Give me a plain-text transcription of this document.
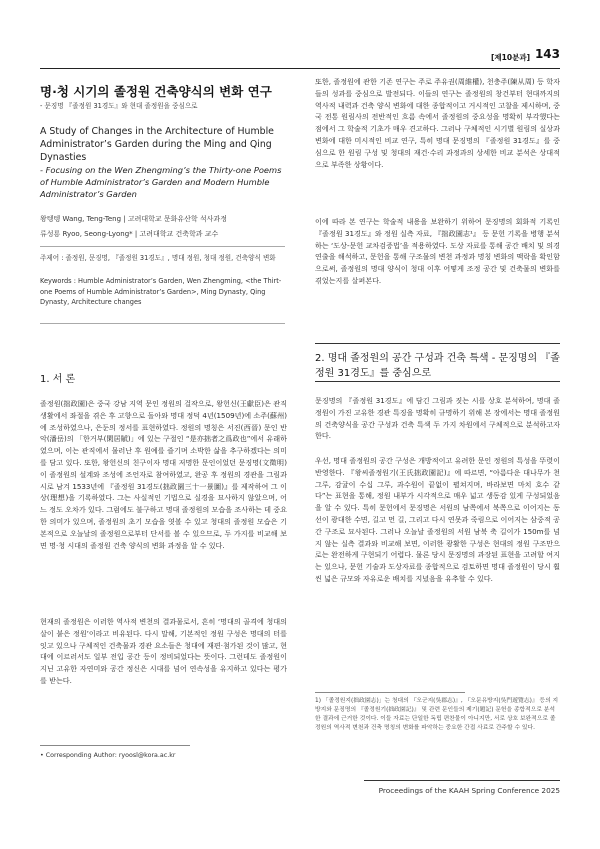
[제10분과] 143
명·청 시기의 졸정원 건축양식의 변화 연구
- 문징명 『졸정원 31경도』와 현대 졸정원을 중심으로
A Study of Changes in the Architecture of Humble Administrator’s Garden during the Ming and Qing Dynasties
- Focusing on the Wen Zhengming’s the Thirty-one Poems of Humble Administrator’s Garden and Modern Humble Administrator’s Garden
왕텡텡 Wang, Teng-Teng | 고려대학교 문화유산학 석사과정
류성룡 Ryoo, Seong-Lyong* | 고려대학교 건축학과 교수
주제어 : 졸정원, 문징명, 『졸정원 31경도』, 명대 정원, 청대 정원, 건축양식 변화
Keywords : Humble Administrator’s Garden, Wen Zhengming, <the Thirt-one Poems of Humble Administrator’s Garden>, Ming Dynasty, Qing Dynasty, Architecture changes
1. 서 론
졸정원(拙政園)은 중국 강남 지역 문인 정원의 걸작으로, 왕헌신(王獻臣)은 관직 생활에서 좌절을 겪은 후 고향으로 돌아와 명대 정덕 4년(1509년)에 소주(蘇州)에 조성하였으나, 은둔의 정서를 표현하였다. 정원의 명칭은 서진(西晉) 문인 반악(潘岳)의 「한거부(閑居賦)」에 있는 구절인 “是亦拙者之爲政也”에서 유래하였으며, 이는 관직에서 물러난 후 원예를 즐기며 소박한 삶을 추구하겠다는 의미를 담고 있다. 또한, 왕헌신의 친구이자 명대 저명한 문인이었던 문징명(文徵明)이 졸정원의 설계와 조성에 조언자로 참여하였고, 완공 후 정원의 경관을 그림과 시로 남겨 1533년에 『졸정원 31경도(拙政園三十一景圖)』를 제작하여 그 이상(理想)을 기록하였다. 그는 사실적인 기법으로 실경을 묘사하지 않았으며, 어느 정도 오차가 있다. 그럼에도 불구하고 명대 졸정원의 모습을 조사하는 데 중요한 의미가 있으며, 졸정원의 초기 모습을 엿볼 수 있고 청대의 졸정원 모습은 기본적으로 오늘날의 졸정원으로부터 단서를 볼 수 있으므로, 두 가지를 비교해 보면 명·청 시대의 졸정원 건축 양식의 변화 과정을 알 수 있다.
현재의 졸정원은 이러한 역사적 변천의 결과물로서, 흔히 ‘명대의 골격에 청대의 살이 붙은 정원’이라고 비유된다. 다시 말해, 기본적인 정원 구성은 명대의 터를 잇고 있으나 구체적인 건축물과 경관 요소들은 청대에 재편·첨가된 것이 많고, 현대에 이르러서도 일부 전입 공간 등이 정비되었다는 뜻이다. 그런데도 졸정원이 지닌 고유한 자연미와 공간 정신은 시대를 넘어 연속성을 유지하고 있다는 평가를 받는다.
• Corresponding Author: ryoosl@kora.ac.kr
또한, 졸정원에 관한 기존 연구는 주로 주유권(周維權), 천충주(陳从周) 등 학자들의 성과를 중심으로 발전되다. 이들의 연구는 졸정원의 창건부터 현대까지의 역사적 내력과 건축 양식 변화에 대한 종합적이고 거시적인 고찰을 제시하며, 중국 전통 원림사의 전반적인 흐름 속에서 졸정원의 중요성을 명확히 부각했다는 점에서 그 학술적 기초가 매우 견고하다. 그러나 구체적인 시기별 원림의 실상과 변화에 대한 미시적인 비교 연구, 특히 명대 문징명의 『졸정원 31경도』를 중심으로 한 원림 구성 및 청대의 재건·수리 과정과의 상세한 비교 분석은 상대적으로 부족한 상황이다.
이에 따라 본 연구는 학술적 내용을 보완하기 위하여 문징명의 회화적 기록인 『졸정원 31경도』와 정원 실측 자료, 『拙政園志¹』 등 문헌 기록을 병행 분석하는 ‘도상-문헌 교차검증법’을 적용하였다. 도상 자료를 통해 공간 배치 및 의경 연출을 해석하고, 문헌을 통해 구조물의 변천 과정과 명칭 변화의 맥락을 확인함으로써, 졸정원의 명대 양식이 청대 이후 어떻게 조정 공간 및 건축물의 변화를 겪었는지를 살펴본다.
2. 명대 졸정원의 공간 구성과 건축 특색 - 문징명의 『졸정원 31경도』를 중심으로
문징명의 『졸정원 31경도』에 담긴 그림과 짓는 시를 상호 분석하여, 명대 졸정원이 가진 고유한 경관 특징을 명확히 규명하기 위해 본 장에서는 명대 졸정원의 건축양식을 공간 구성과 건축 특색 두 가지 차원에서 구체적으로 분석하고자 한다.
우선, 명대 졸정원의 공간 구성은 개방적이고 유려한 문인 정원의 특성을 뚜렷이 반영한다. 『왕씨졸정원기(王氏拙政園記)』에 따르면, “아름다운 대나무가 천 그루, 감귤이 수십 그루, 과수원이 끝없이 펼쳐지며, 바라보면 마치 호수 같다”는 표현을 통해, 정원 내부가 시각적으로 매우 넓고 생동감 있게 구성되었음을 알 수 있다. 특히 문헌에서 문징명은 서원의 남쪽에서 북쪽으로 이어지는 동선이 광대한 수면, 길고 먼 길, 그리고 다시 연못과 죽림으로 이어지는 삼중적 공간 구조로 묘사된다. 그러나 오늘날 졸정원의 서원 남북 축 길이가 150m를 넘지 않는 실측 결과와 비교해 보면, 이러한 광활한 구성은 현대의 정원 구조만으로는 완전하게 구현되기 어렵다. 물론 당시 문징명의 과장된 표현을 고려할 여지는 있으나, 문헌 기술과 도상자료를 종합적으로 검토하면 명대 졸정원이 당시 훨씬 넓은 규모와 자유로운 배치를 지녔음을 유추할 수 있다.
1) 「졸정원지(拙政園志)」는 청대의 『오군지(吳郡志)』, 『오문유방지(吳門遊覽志)』 등의 지방지와 문징명의 『졸정원기(拙政園記)』 및 관련 문인들의 제기(題記) 문헌을 종합적으로 분석한 결과에 근거한 것이다. 이들 자료는 단일한 독립 편찬물이 아니지만, 서로 상호 보완적으로 졸정원의 역사적 변천과 건축 명칭의 변화를 파악하는 중요한 간접 사료로 간주할 수 있다.
Proceedings of the KAAH Spring Conference 2025
